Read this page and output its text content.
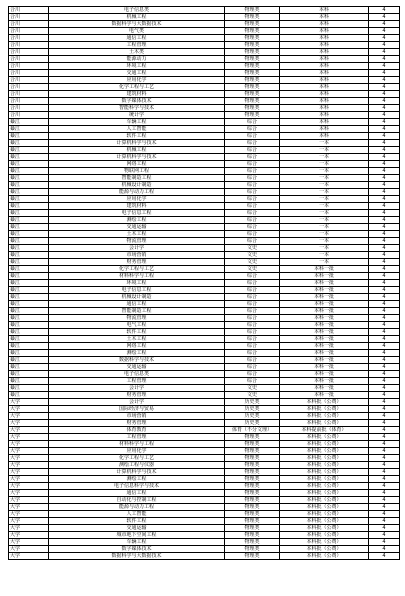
合川	电子信息类	物理类	本科	4
合川	机械工程	物理类	本科	4
合川	数据科学与大数据技术	物理类	本科	4
合川	电气类	物理类	本科	4
合川	通信工程	物理类	本科	4
合川	工程管理	物理类	本科	4
合川	土木类	物理类	本科	4
合川	能源动力	物理类	本科	4
合川	环境工程	物理类	本科	4
合川	交通工程	物理类	本科	4
合川	应用化学	物理类	本科	4
合川	化学工程与工艺	物理类	本科	4
合川	建筑材料	物理类	本科	4
合川	数字媒体技术	物理类	本科	4
合川	智能科学与技术	物理类	本科	4
合川	统计学	物理类	本科	4
綦江	车辆工程	综合	本科	4
綦江	人工智能	综合	本科	4
綦江	软件工程	综合	本科	4
綦江	计算机科学与技术	综合	一本	4
綦江	机械工程	综合	一本	4
綦江	计算机科学与技术	综合	一本	4
綦江	网络工程	综合	一本	4
綦江	物联网工程	综合	一本	4
綦江	智能制造工程	综合	一本	4
綦江	机械设计制造	综合	一本	4
綦江	能源与动力工程	综合	一本	4
綦江	应用化学	综合	一本	4
綦江	建筑材料	综合	一本	4
綦江	电子信息工程	综合	一本	4
綦江	测绘工程	综合	一本	4
綦江	交通运输	综合	一本	4
綦江	土木工程	综合	一本	4
綦江	物流管理	综合	一本	4
綦江	会计学	文史	一本	4
綦江	市场营销	文史	一本	4
綦江	财务管理	文史	一本	4
綦江	化学工程与工艺	文史	本科一批	4
綦江	材料科学与工程	综合	本科一批	4
綦江	环境工程	综合	本科一批	4
綦江	电子信息工程	综合	本科一批	4
綦江	机械设计制造	综合	本科一批	4
綦江	通信工程	综合	本科一批	4
綦江	智能制造工程	综合	本科一批	4
綦江	物流管理	综合	本科一批	4
綦江	电气工程	综合	本科一批	4
綦江	软件工程	综合	本科一批	4
綦江	土木工程	综合	本科一批	4
綦江	网络工程	综合	本科一批	4
綦江	测绘工程	综合	本科一批	4
綦江	数据科学与技术	综合	本科一批	4
綦江	交通运输	综合	本科一批	4
綦江	电子信息类	综合	本科一批	4
綦江	工程管理	综合	本科一批	4
綦江	会计学	文史	本科一批	4
綦江	财务管理	文史	本科一批	4
大学	会计学	历史类	本科批（公费）	4
大学	国际经济与贸易	历史类	本科批（公费）	4
大学	市场营销	历史类	本科批（公费）	4
大学	财务管理	历史类	本科批（公费）	4
大学	体育教育	体育（不分文理）	本科提前批（体育）	4
大学	工程管理	物理类	本科批（公费）	4
大学	材料科学与工程	物理类	本科批（公费）	4
大学	应用化学	物理类	本科批（公费）	4
大学	化学工程与工艺	物理类	本科批（公费）	4
大学	测绘工程与仪器	物理类	本科批（公费）	4
大学	计算机科学与技术	物理类	本科批（公费）	4
大学	测绘工程	物理类	本科批（公费）	4
大学	电子信息科学与技术	物理类	本科批（公费）	4
大学	通信工程	物理类	本科批（公费）	4
大学	自动化与控制工程	物理类	本科批（公费）	4
大学	能源与动力工程	物理类	本科批（公费）	4
大学	人工智能	物理类	本科批（公费）	4
大学	软件工程	物理类	本科批（公费）	4
大学	交通运输	物理类	本科批（公费）	4
大学	城市地下空间工程	物理类	本科批（公费）	4
大学	车辆工程	物理类	本科批（公费）	4
大学	数字媒体技术	物理类	本科批（公费）	4
大学	数据科学与大数据技术	物理类	本科批（公费）	4
